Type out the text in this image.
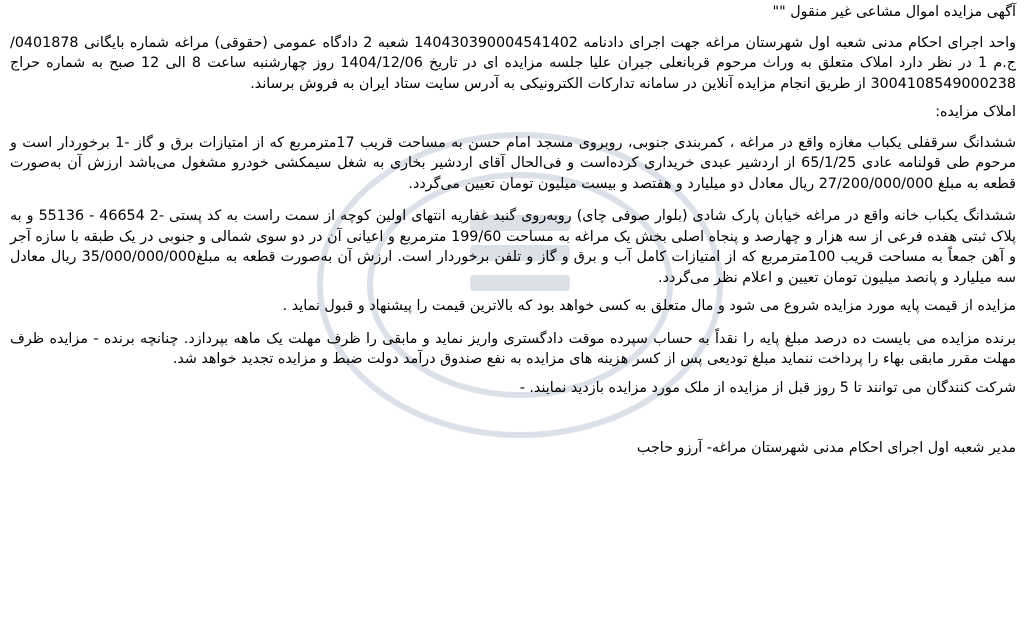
آگهی مزایده اموال مشاعی غیر منقول ""

واحد اجرای احکام مدنی شعبه اول شهرستان مراغه جهت اجرای دادنامه 140430390004541402 شعبه 2 دادگاه عمومی (حقوقی) مراغه شماره بایگانی 0401878/ج.م 1 در نظر دارد املاک متعلق به وراث مرحوم قربانعلی جیران علیا جلسه مزایده ای در تاریخ 1404/12/06 روز چهارشنبه ساعت 8 الی 12 صبح به شماره حراج 3004108549000238 از طریق انجام مزایده آنلاین در سامانه تدارکات الکترونیکی به آدرس سایت ستاد ایران به فروش برساند.

املاک مزایده:

ششدانگ سرقفلی یکباب مغازه واقع در مراغه ، کمربندی جنوبی، روبروی مسجد امام حسن به مساحت قریب 17مترمربع که از امتیازات برق و گاز -1 برخوردار است و مرحوم طی قولنامه عادی 65/1/25 از اردشیر عبدی خریداری کرده‌است و فی‌الحال آقای اردشیر بخاری به شغل سیمکشی خودرو مشغول می‌باشد ارزش آن به‌صورت قطعه به مبلغ 27/200/000/000 ریال معادل دو میلیارد و هفتصد و بیست میلیون تومان تعیین می‌گردد.

ششدانگ یکباب خانه واقع در مراغه خیابان پارک شادی (بلوار صوفی چای) روبه‌روی گنبد غفاریه انتهای اولین کوچه از سمت راست به کد پستی -2 46654 - 55136 و به پلاک ثبتی هفده فرعی از سه هزار و چهارصد و پنجاه اصلی بخش یک مراغه به مساحت 199/60 مترمربع و اعیانی آن در دو سوی شمالی و جنوبی در یک طبقه با سازه آجر و آهن جمعاً به مساحت قریب 100مترمربع که از امتیازات کامل آب و برق و گاز و تلفن برخوردار است. ارزش آن به‌صورت قطعه به مبلغ35/000/000/000 ریال معادل سه میلیارد و پانصد میلیون تومان تعیین و اعلام نظر می‌گردد.

مزایده از قیمت پایه مورد مزایده شروع می شود و مال متعلق به کسی خواهد بود که بالاترین قیمت را پیشنهاد و قبول نماید .

برنده مزایده می بایست ده درصد مبلغ پایه را نقداً به حساب سپرده موقت دادگستری واریز نماید و مابقی را ظرف مهلت یک ماهه بپردازد. چنانچه برنده - مزایده ظرف مهلت مقرر مابقی بهاء را پرداخت ننماید مبلغ تودیعی پس از کسر هزینه های مزایده به نفع صندوق درآمد دولت ضبط و مزایده تجدید خواهد شد.

شرکت کنندگان می توانند تا 5 روز قبل از مزایده از ملک مورد مزایده بازدید نمایند. -

مدیر شعبه اول اجرای احکام مدنی شهرستان مراغه- آرزو حاجب
